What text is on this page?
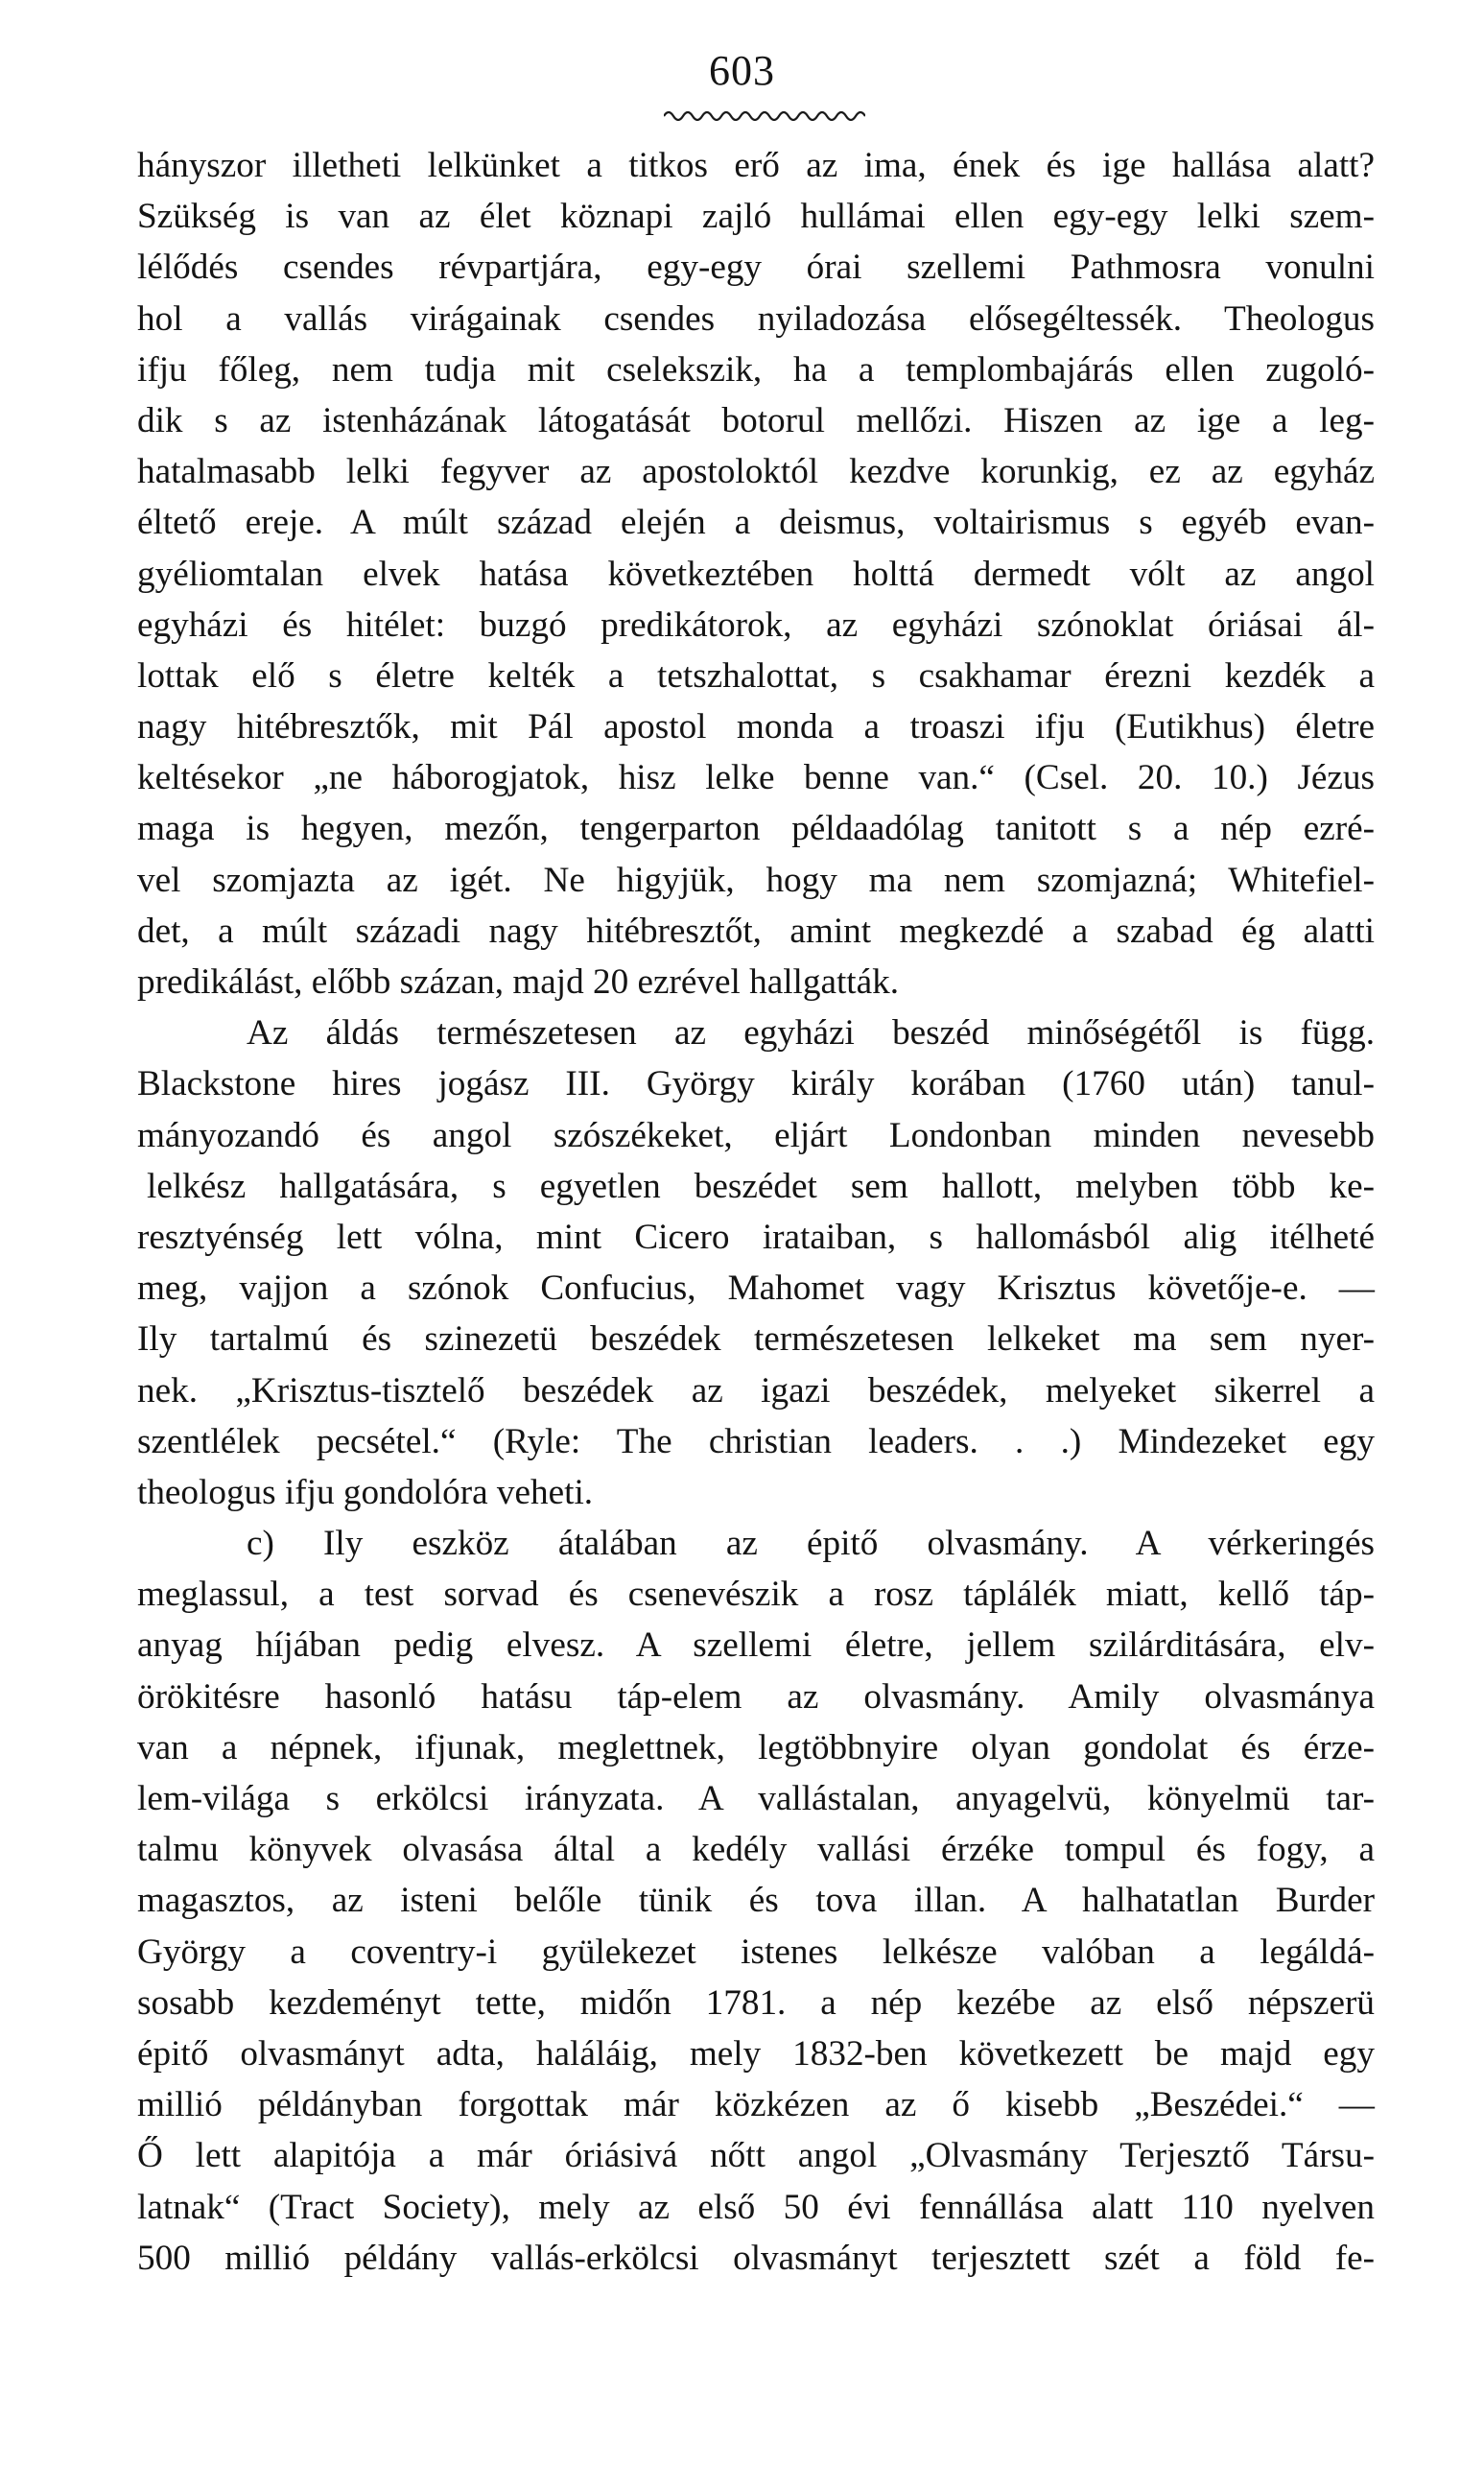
603
hányszor illetheti lelkünket a titkos erő az ima, ének és ige hallása alatt?
Szükség is van az élet köznapi zajló hullámai ellen egy-egy lelki szem-
lélődés csendes révpartjára, egy-egy órai szellemi Pathmosra vonulni
hol a vallás virágainak csendes nyiladozása elősegéltessék. Theologus
ifju főleg, nem tudja mit cselekszik, ha a templombajárás ellen zugoló-
dik s az istenházának látogatását botorul mellőzi. Hiszen az ige a leg-
hatalmasabb lelki fegyver az apostoloktól kezdve korunkig, ez az egyház
éltető ereje. A múlt század elején a deismus, voltairismus s egyéb evan-
gyéliomtalan elvek hatása következtében holttá dermedt vólt az angol
egyházi és hitélet: buzgó predikátorok, az egyházi szónoklat óriásai ál-
lottak elő s életre kelték a tetszhalottat, s csakhamar érezni kezdék a
nagy hitébresztők, mit Pál apostol monda a troaszi ifju (Eutikhus) életre
keltésekor „ne háborogjatok, hisz lelke benne van.“ (Csel. 20. 10.) Jézus
maga is hegyen, mezőn, tengerparton példaadólag tanitott s a nép ezré-
vel szomjazta az igét. Ne higyjük, hogy ma nem szomjazná; Whitefiel-
det, a múlt századi nagy hitébresztőt, amint megkezdé a szabad ég alatti
predikálást, előbb százan, majd 20 ezrével hallgatták.
Az áldás természetesen az egyházi beszéd minőségétől is függ.
Blackstone hires jogász III. György király korában (1760 után) tanul-
mányozandó és angol szószékeket, eljárt Londonban minden nevesebb
lelkész hallgatására, s egyetlen beszédet sem hallott, melyben több ke-
resztyénség lett vólna, mint Cicero irataiban, s hallomásból alig itélheté
meg, vajjon a szónok Confucius, Mahomet vagy Krisztus követője-e. —
Ily tartalmú és szinezetü beszédek természetesen lelkeket ma sem nyer-
nek. „Krisztus-tisztelő beszédek az igazi beszédek, melyeket sikerrel a
szentlélek pecsétel.“ (Ryle: The christian leaders. . .) Mindezeket egy
theologus ifju gondolóra veheti.
c) Ily eszköz átalában az épitő olvasmány. A vérkeringés
meglassul, a test sorvad és csenevészik a rosz táplálék miatt, kellő táp-
anyag híjában pedig elvesz. A szellemi életre, jellem szilárditására, elv-
örökitésre hasonló hatásu táp-elem az olvasmány. Amily olvasmánya
van a népnek, ifjunak, meglettnek, legtöbbnyire olyan gondolat és érze-
lem-világa s erkölcsi irányzata. A vallástalan, anyagelvü, könyelmü tar-
talmu könyvek olvasása által a kedély vallási érzéke tompul és fogy, a
magasztos, az isteni belőle tünik és tova illan. A halhatatlan Burder
György a coventry-i gyülekezet istenes lelkésze valóban a legáldá-
sosabb kezdeményt tette, midőn 1781. a nép kezébe az első népszerü
épitő olvasmányt adta, haláláig, mely 1832-ben következett be majd egy
millió példányban forgottak már közkézen az ő kisebb „Beszédei.“ —
Ő lett alapitója a már óriásivá nőtt angol „Olvasmány Terjesztő Társu-
latnak“ (Tract Society), mely az első 50 évi fennállása alatt 110 nyelven
500 millió példány vallás-erkölcsi olvasmányt terjesztett szét a föld fe-
